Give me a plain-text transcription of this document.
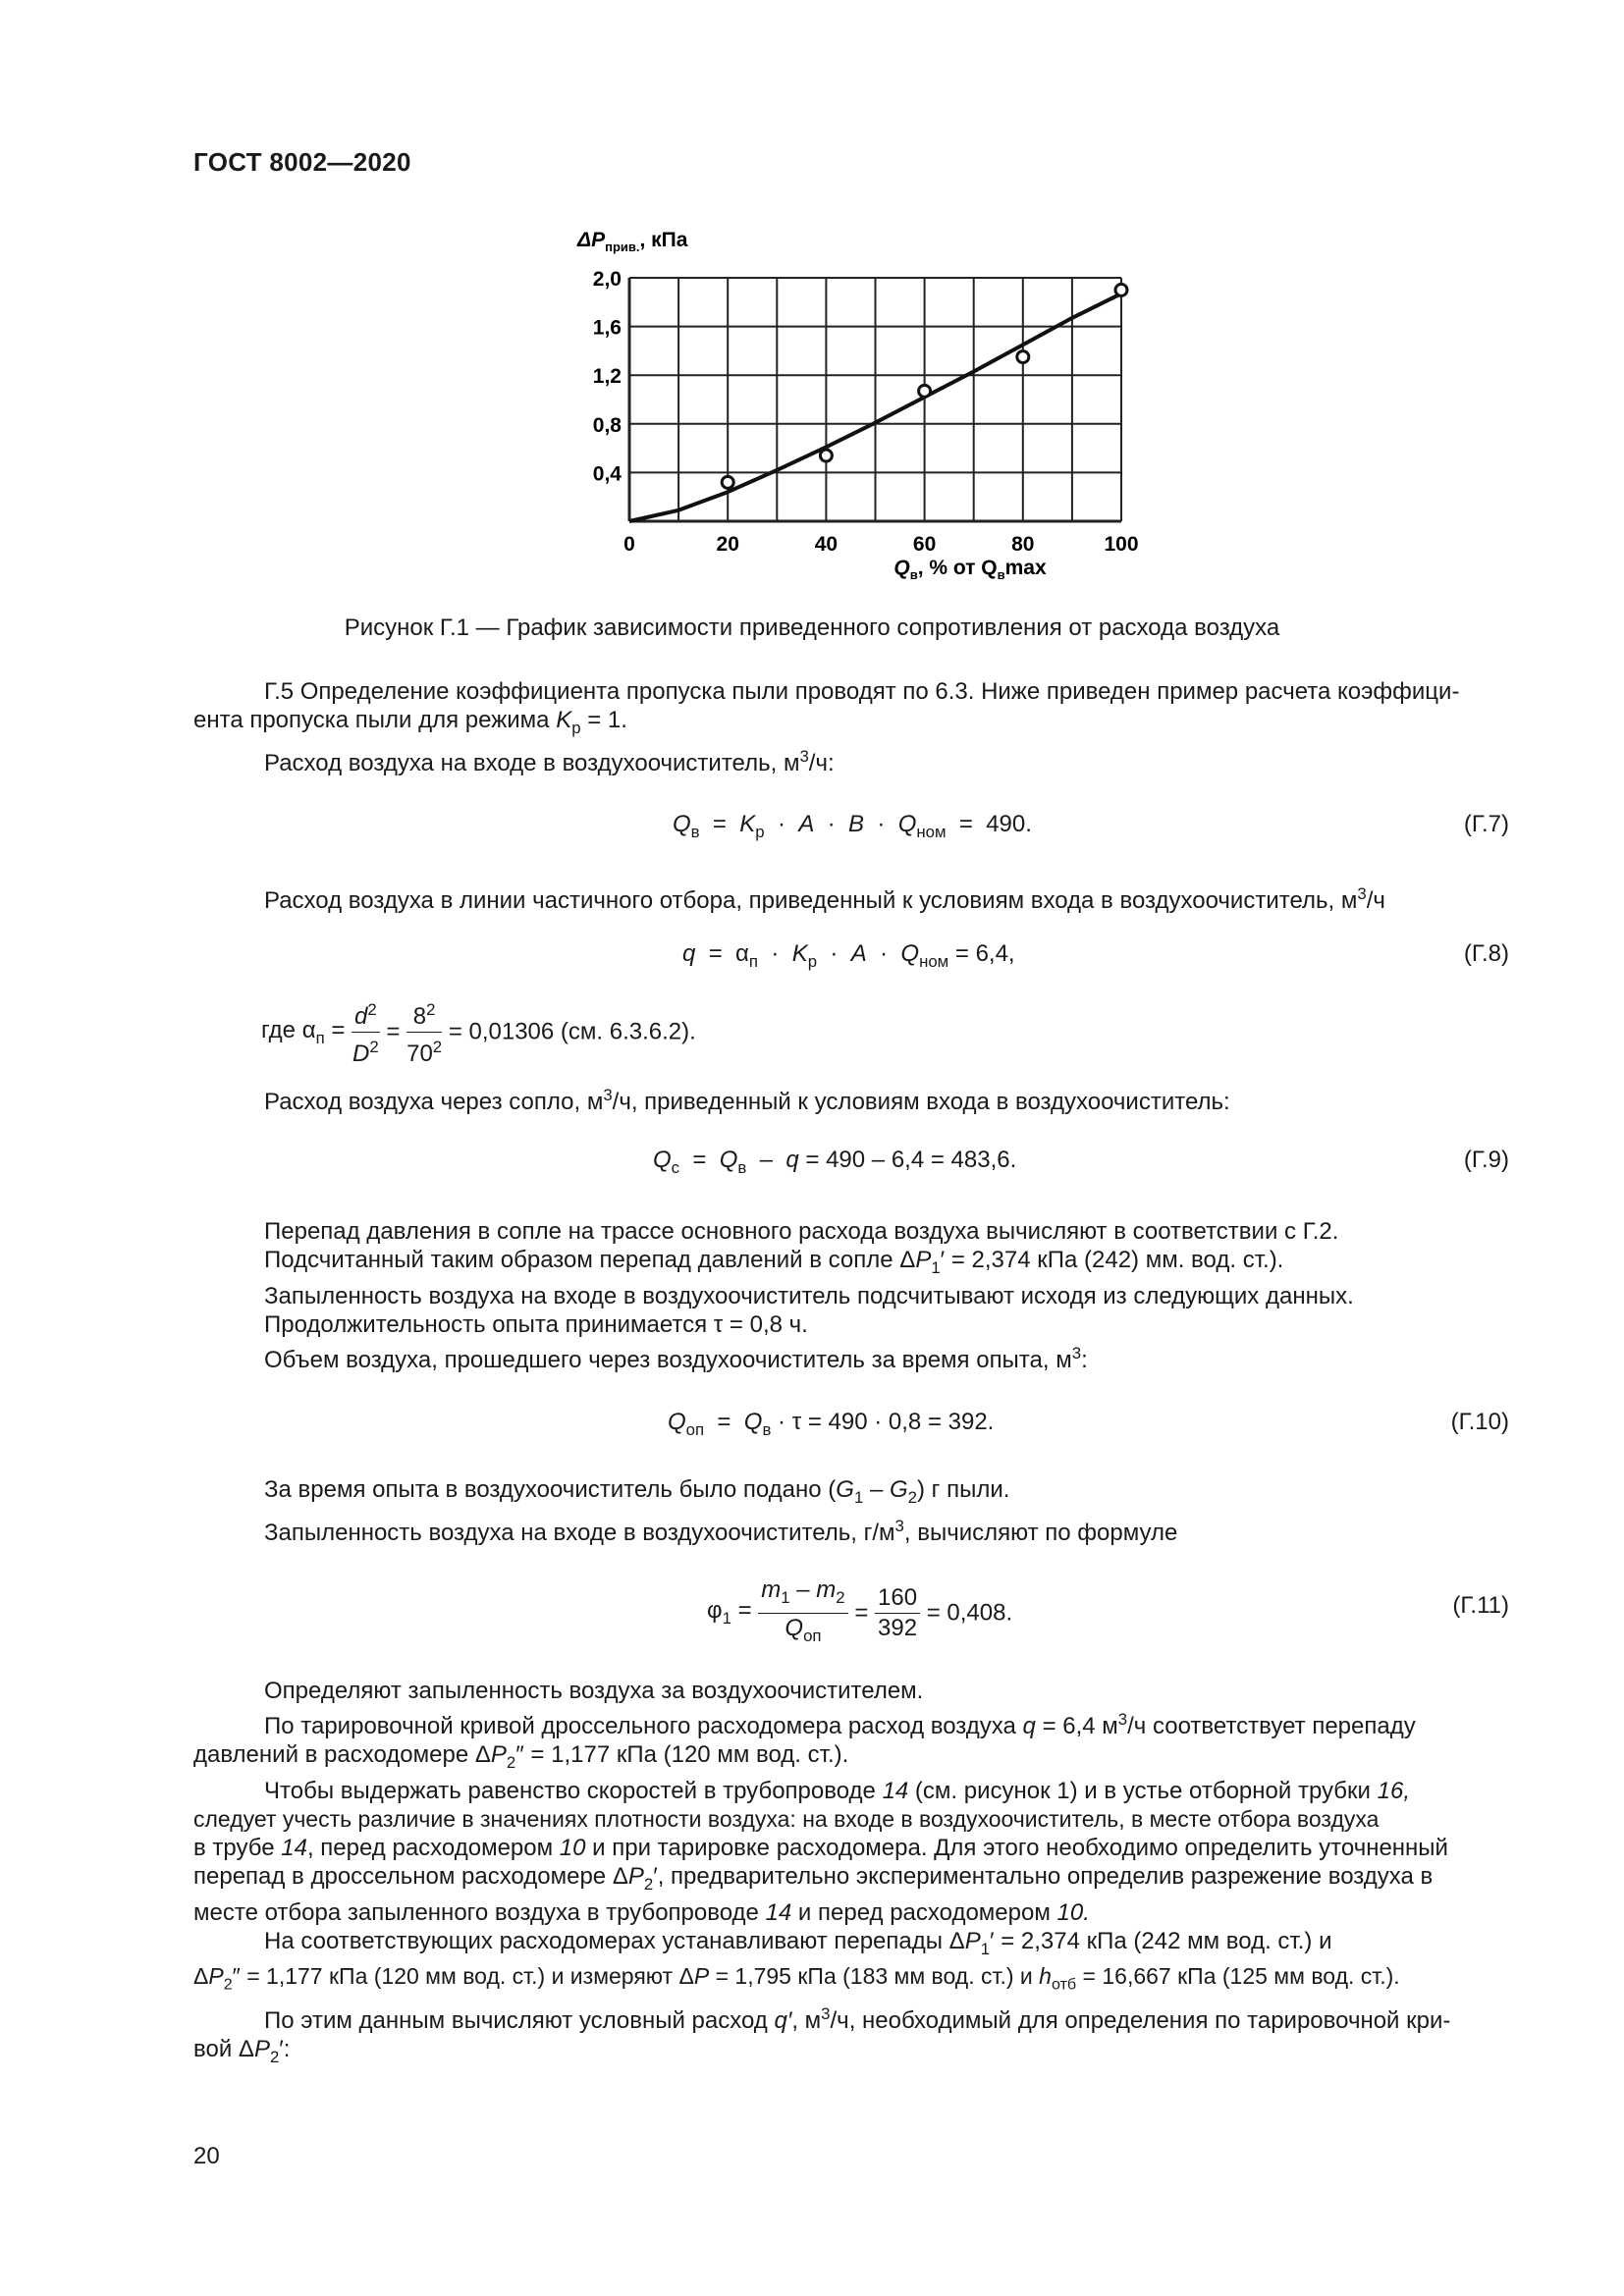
ГОСТ 8002—2020
0	20	40	60	80	100
0,4
0,8
1,2
1,6
2,0
$\Delta P_{прив.}$, кПа
$Q_в$, % от $Q_в\max$
Рисунок Г.1 — График зависимости приведенного сопротивления от расхода воздуха
Г.5 Определение коэффициента пропуска пыли проводят по 6.3. Ниже приведен пример расчета коэффици-
ента пропуска пыли для режима $K_р = 1$.
Расход воздуха на входе в воздухоочиститель, $м^3/ч$:
$Q_в = K_р \cdot A \cdot B \cdot Q_{ном} = 490$.	(Г.7)
Расход воздуха в линии частичного отбора, приведенный к условиям входа в воздухоочиститель, $м^3/ч$
$q = \alpha_п \cdot K_р \cdot A \cdot Q_{ном} = 6,4$,	(Г.8)
где $\alpha_п = \frac{d^2}{D^2} = \frac{8^2}{70^2} = 0,01306$ (см. 6.3.6.2).
Расход воздуха через сопло, $м^3/ч$, приведенный к условиям входа в воздухоочиститель:
$Q_с = Q_в - q = 490 - 6,4 = 483,6$.	(Г.9)
Перепад давления в сопле на трассе основного расхода воздуха вычисляют в соответствии с Г.2.
Подсчитанный таким образом перепад давлений в сопле $\Delta P_1' = 2,374$ кПа (242) мм. вод. ст.).
Запыленность воздуха на входе в воздухоочиститель подсчитывают исходя из следующих данных.
Продолжительность опыта принимается τ = 0,8 ч.
Объем воздуха, прошедшего через воздухоочиститель за время опыта, $м^3$:
$Q_{оп} = Q_в \cdot \tau = 490 \cdot 0,8 = 392$.	(Г.10)
За время опыта в воздухоочиститель было подано $(G_1 - G_2)$ г пыли.
Запыленность воздуха на входе в воздухоочиститель, $г/м^3$, вычисляют по формуле
$\varphi_1 = \frac{m_1 - m_2}{Q_{оп}} = \frac{160}{392} = 0,408$.	(Г.11)
Определяют запыленность воздуха за воздухоочистителем.
По тарировочной кривой дроссельного расходомера расход воздуха q = 6,4 $м^3/ч$ соответствует перепаду
давлений в расходомере $\Delta P_2'' = 1,177$ кПа (120 мм вод. ст.).
Чтобы выдержать равенство скоростей в трубопроводе 14 (см. рисунок 1) и в устье отборной трубки 16,
следует учесть различие в значениях плотности воздуха: на входе в воздухоочиститель, в месте отбора воздуха
в трубе 14, перед расходомером 10 и при тарировке расходомера. Для этого необходимо определить уточненный
перепад в дроссельном расходомере $\Delta P_2'$, предварительно экспериментально определив разрежение воздуха в
месте отбора запыленного воздуха в трубопроводе 14 и перед расходомером 10.
На соответствующих расходомерах устанавливают перепады $\Delta P_1' = 2,374$ кПа (242 мм вод. ст.) и
$\Delta P_2'' = 1,177$ кПа (120 мм вод. ст.) и измеряют ΔP = 1,795 кПа (183 мм вод. ст.) и $h_{отб} = 16,667$ кПа (125 мм вод. ст.).
По этим данным вычисляют условный расход q′, $м^3/ч$, необходимый для определения по тарировочной кри-
вой $\Delta P_2'$:
20
